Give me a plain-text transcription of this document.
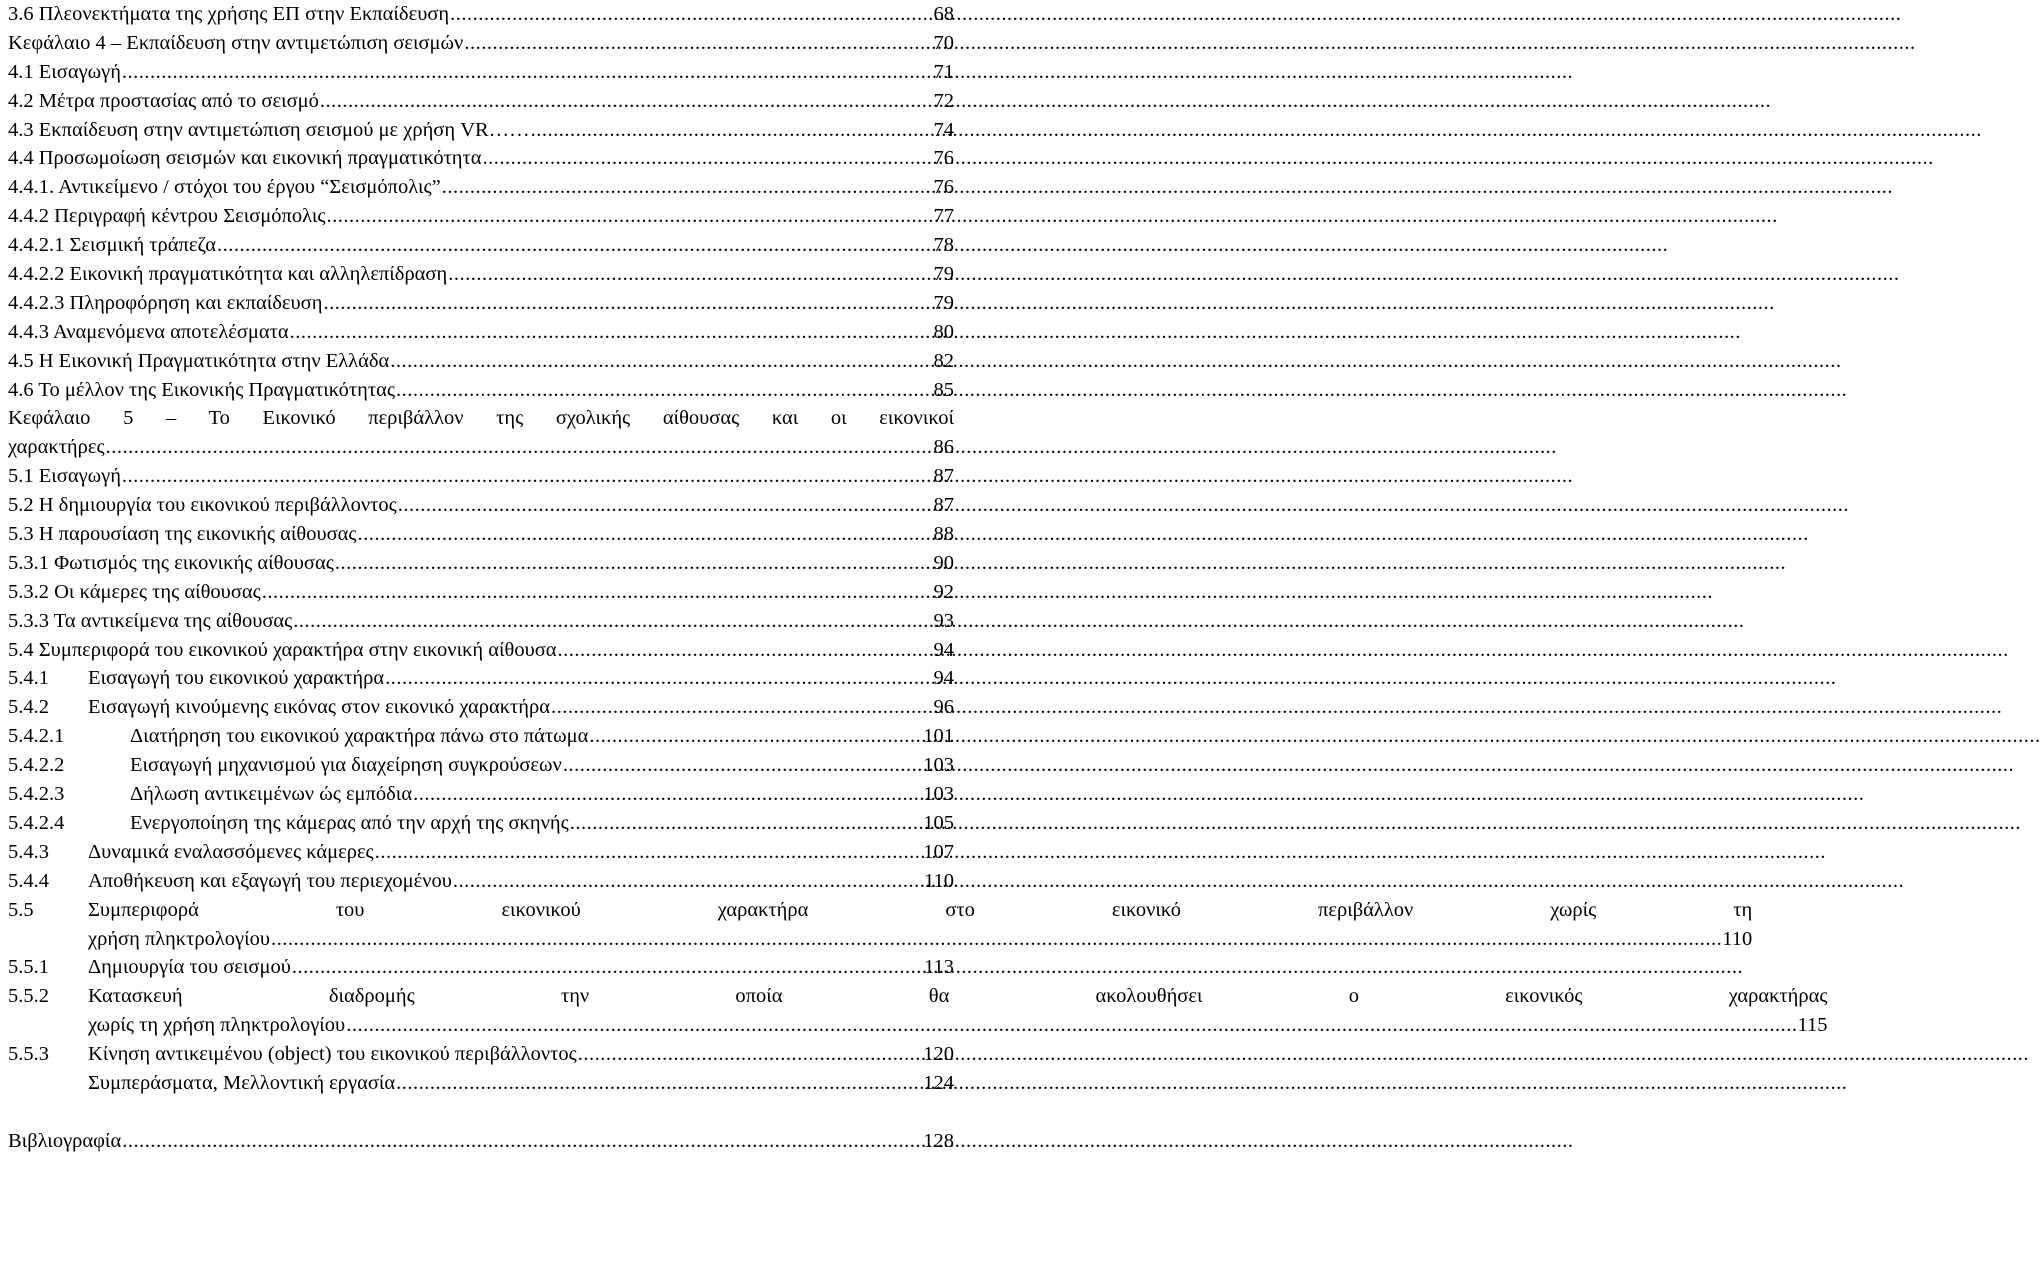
3.6 Πλεονεκτήματα της χρήσης ΕΠ στην Εκπαίδευση .....	68
Κεφάλαιο 4 – Εκπαίδευση στην αντιμετώπιση σεισμών .....	70
4.1 Εισαγωγή .....	71
4.2 Μέτρα προστασίας από το σεισμό .....	72
4.3 Εκπαίδευση στην αντιμετώπιση σεισμού με χρήση VR…… .....	74
4.4 Προσωμοίωση σεισμών και εικονική πραγματικότητα .....	76
4.4.1. Αντικείμενο / στόχοι του έργου “Σεισμόπολις” .....	76
4.4.2 Περιγραφή κέντρου Σεισμόπολις .....	77
4.4.2.1 Σεισμική τράπεζα .....	78
4.4.2.2 Εικονική πραγματικότητα και αλληλεπίδραση .....	79
4.4.2.3 Πληροφόρηση και εκπαίδευση .....	79
4.4.3 Αναμενόμενα αποτελέσματα .....	80
4.5 Η Εικονική Πραγματικότητα στην Ελλάδα .....	82
4.6 Το μέλλον της Εικονικής Πραγματικότητας .....	85
Κεφάλαιο 5 – Το Εικονικό περιβάλλον της σχολικής αίθουσας και οι εικονικοί
χαρακτήρες .....	86
5.1 Εισαγωγή .....	87
5.2 Η δημιουργία του εικονικού περιβάλλοντος .....	87
5.3 Η παρουσίαση της εικονικής αίθουσας .....	88
5.3.1 Φωτισμός της εικονικής αίθουσας .....	90
5.3.2 Οι κάμερες της αίθουσας .....	92
5.3.3 Τα αντικείμενα της αίθουσας .....	93
5.4 Συμπεριφορά του εικονικού χαρακτήρα στην εικονική αίθουσα .....	94
5.4.1	Εισαγωγή του εικονικού χαρακτήρα .....	94
5.4.2	Εισαγωγή κινούμενης εικόνας στον εικονικό χαρακτήρα .....	96
5.4.2.1	Διατήρηση του εικονικού χαρακτήρα πάνω στο πάτωμα .....	101
5.4.2.2	Εισαγωγή μηχανισμού για διαχείρηση συγκρούσεων .....	103
5.4.2.3	Δήλωση αντικειμένων ώς εμπόδια .....	103
5.4.2.4	Ενεργοποίηση της κάμερας από την αρχή της σκηνής .....	105
5.4.3	Δυναμικά εναλασσόμενες κάμερες .....	107
5.4.4	Αποθήκευση και εξαγωγή του περιεχομένου .....	110
5.5	Συμπεριφορά του εικονικού χαρακτήρα στο εικονικό περιβάλλον χωρίς τη
χρήση πληκτρολογίου .....	110
5.5.1	Δημιουργία του σεισμού .....	113
5.5.2	Κατασκευή διαδρομής την οποία θα ακολουθήσει ο εικονικός χαρακτήρας
χωρίς τη χρήση πληκτρολογίου .....	115
5.5.3	Κίνηση αντικειμένου (object) του εικονικού περιβάλλοντος .....	120
Συμπεράσματα, Μελλοντική εργασία .....	124
Βιβλιογραφία .....	128
